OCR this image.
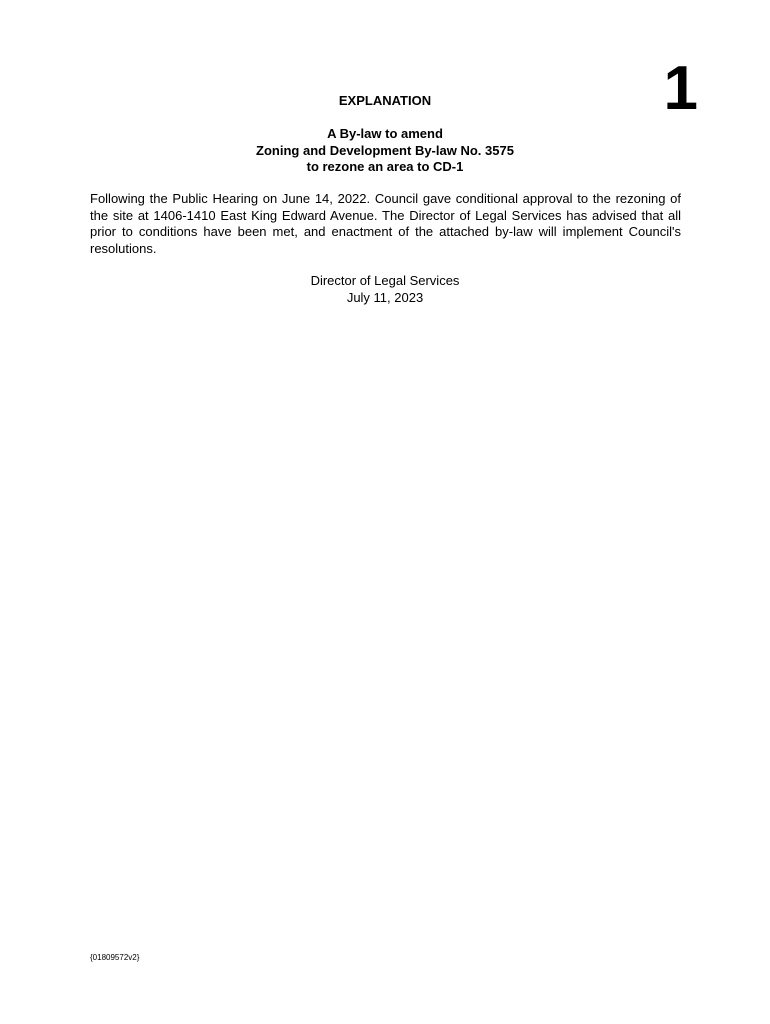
1
EXPLANATION
A By-law to amend
Zoning and Development By-law No. 3575
to rezone an area to CD-1

Following the Public Hearing on June 14, 2022. Council gave conditional approval to the rezoning of the site at 1406-1410 East King Edward Avenue. The Director of Legal Services has advised that all prior to conditions have been met, and enactment of the attached by-law will implement Council's resolutions.

Director of Legal Services
July 11, 2023
{01809572v2}
